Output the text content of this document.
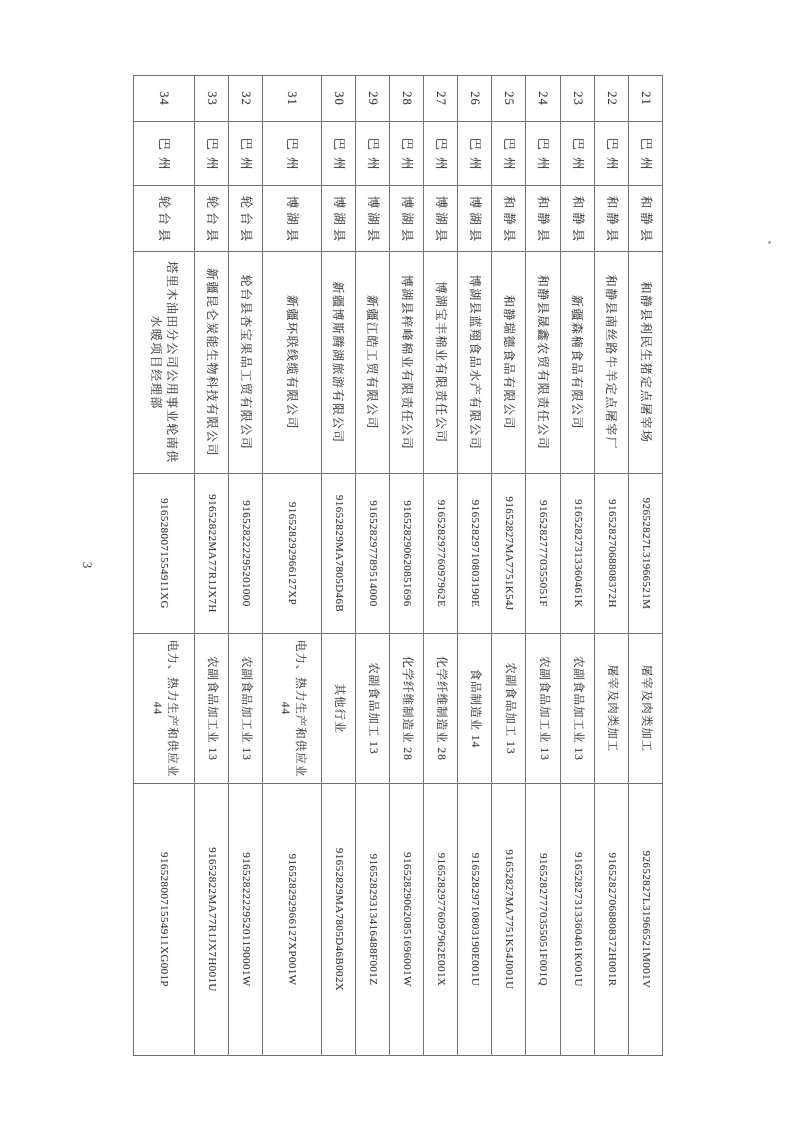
21	巴州	和静县	和静县利民生猪定点屠宰场	92652827L31966521M	屠宰及肉类加工	92652827L31966521M001V
22	巴州	和静县	和静县南丝路牛羊定点屠宰厂	91652827068808372H	屠宰及肉类加工	91652827068808372H001R
23	巴州	和静县	新疆森楠食品有限公司	91652827313360461K	农副食品加工业 13	91652827313360461K001U
24	巴州	和静县	和静县晟鑫农贸有限责任公司	91652827770355051F	农副食品加工业 13	91652827770355051F001Q
25	巴州	和静县	和静瑞德食品有限公司	91652827MA7751K54J	农副食品加工 13	91652827MA7751K54J001U
26	巴州	博湖县	博湖县蓝翔食品水产有限公司	91652829710803190E	食品制造业 14	91652829710803190E001U
27	巴州	博湖县	博湖宝丰棉业有限责任公司	91652829776097962E	化学纤维制造业 28	91652829776097962E001X
28	巴州	博湖县	博湖县梓峰棉业有限责任公司	916528290620851696	化学纤维制造业 28	916528290620851696001W
29	巴州	博湖县	新疆江皓工贸有限公司	916528297789514000	农副食品加工 13	91652829313416488F001Z
30	巴州	博湖县	新疆博斯腾湖旅游有限公司	91652829MA7805D46B	其他行业	91652829MA7805D46B002X
31	巴州	博湖县	新疆环联线缆有限公司	916528292966127XP	电力、热力生产和供应业 44	916528292966127XP001W
32	巴州	轮台县	轮台县杏宝果品工贸有限公司	916528222295201000	农副食品加工业 13	916528222295201190001W
33	巴州	轮台县	新疆昆仑炭能生物科技有限公司	91652822MA77R1JX7H	农副食品加工业 13	91652822MA77R1JX7H001U
34	巴州	轮台县	塔里木油田分公司公用事业轮南供水暖项目经理部	9165280071554911XG	电力、热力生产和供应业 44	9165280071554911XG001P
3
